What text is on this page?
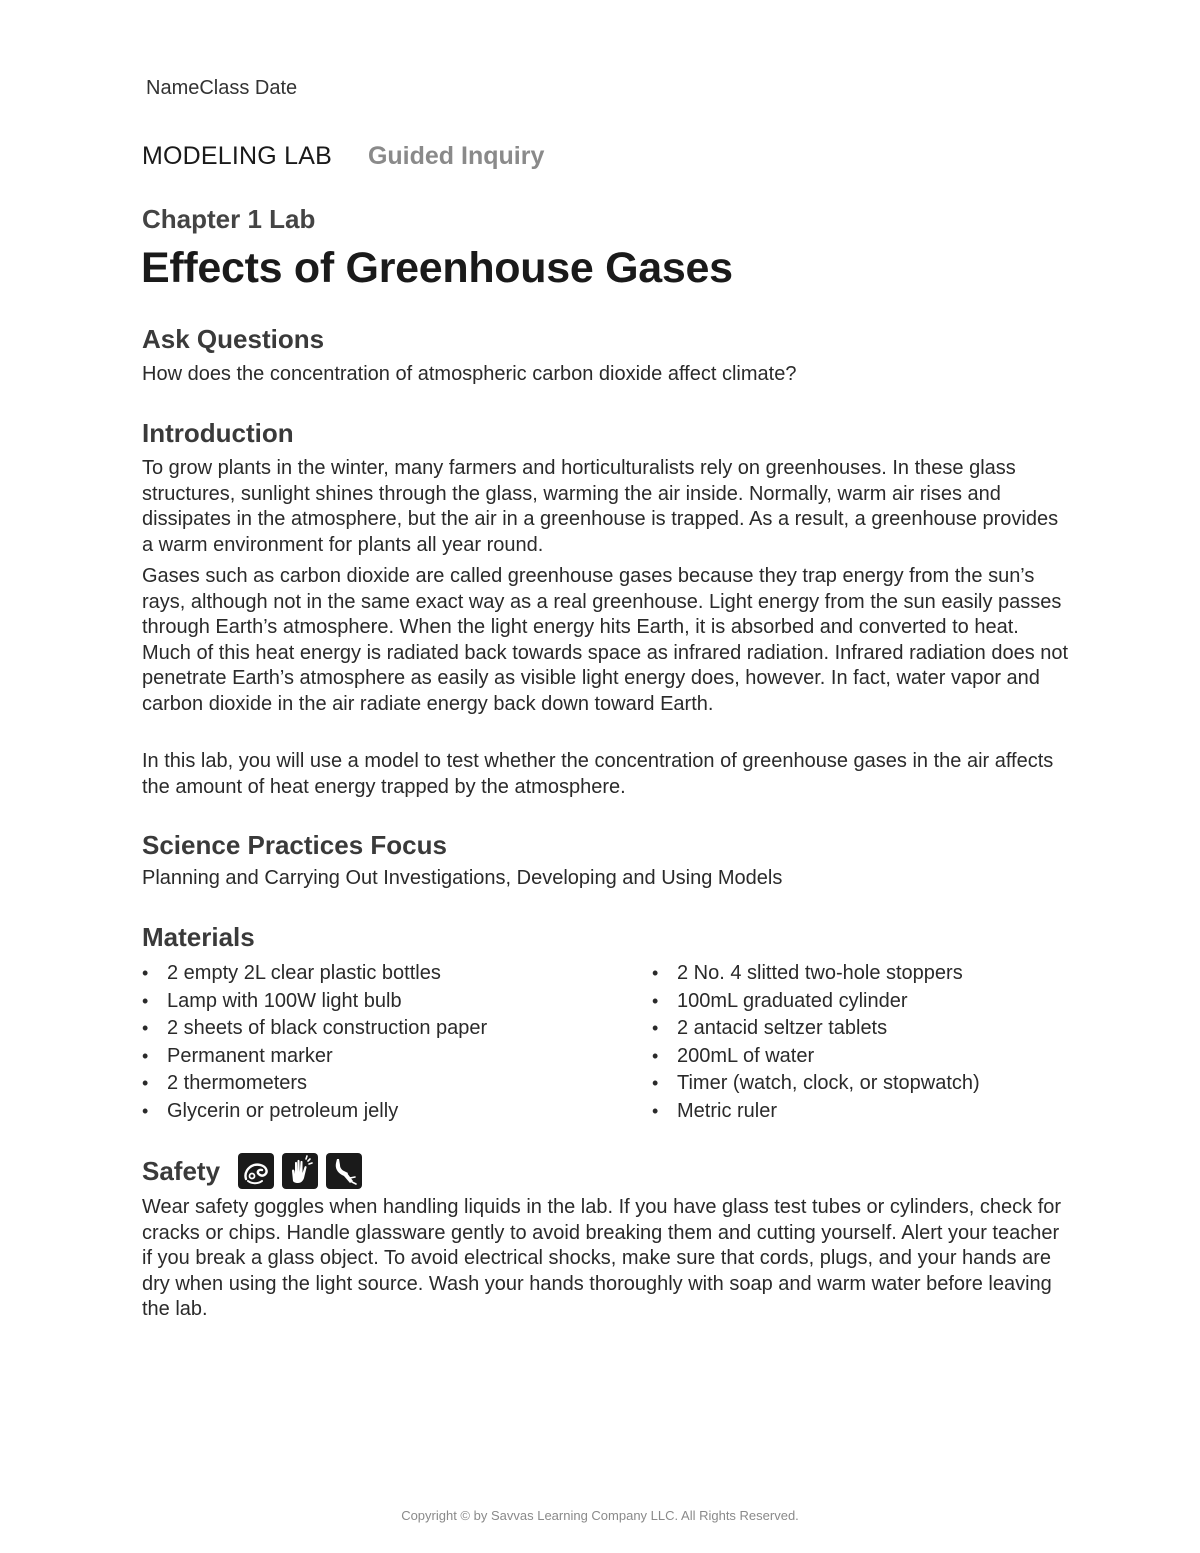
NameClass Date
MODELING LAB Guided Inquiry
Chapter 1 Lab
Effects of Greenhouse Gases
Ask Questions

How does the concentration of atmospheric carbon dioxide affect climate?

Introduction

To grow plants in the winter, many farmers and horticulturalists rely on greenhouses. In these glass structures, sunlight shines through the glass, warming the air inside. Normally, warm air rises and dissipates in the atmosphere, but the air in a greenhouse is trapped. As a result, a greenhouse provides a warm environment for plants all year round.

Gases such as carbon dioxide are called greenhouse gases because they trap energy from the sun’s rays, although not in the same exact way as a real greenhouse. Light energy from the sun easily passes through Earth’s atmosphere. When the light energy hits Earth, it is absorbed and converted to heat. Much of this heat energy is radiated back towards space as infrared radiation. Infrared radiation does not penetrate Earth’s atmosphere as easily as visible light energy does, however. In fact, water vapor and carbon dioxide in the air radiate energy back down toward Earth.

In this lab, you will use a model to test whether the concentration of greenhouse gases in the air affects the amount of heat energy trapped by the atmosphere.

Science Practices Focus

Planning and Carrying Out Investigations, Developing and Using Models

Materials
• 2 empty 2L clear plastic bottles
• Lamp with 100W light bulb
• 2 sheets of black construction paper
• Permanent marker
• 2 thermometers
• Glycerin or petroleum jelly
• 2 No. 4 slitted two-hole stoppers
• 100mL graduated cylinder
• 2 antacid seltzer tablets
• 200mL of water
• Timer (watch, clock, or stopwatch)
• Metric ruler
Safety

Wear safety goggles when handling liquids in the lab. If you have glass test tubes or cylinders, check for cracks or chips. Handle glassware gently to avoid breaking them and cutting yourself. Alert your teacher if you break a glass object. To avoid electrical shocks, make sure that cords, plugs, and your hands are dry when using the light source. Wash your hands thoroughly with soap and warm water before leaving the lab.

Copyright © by Savvas Learning Company LLC. All Rights Reserved.
